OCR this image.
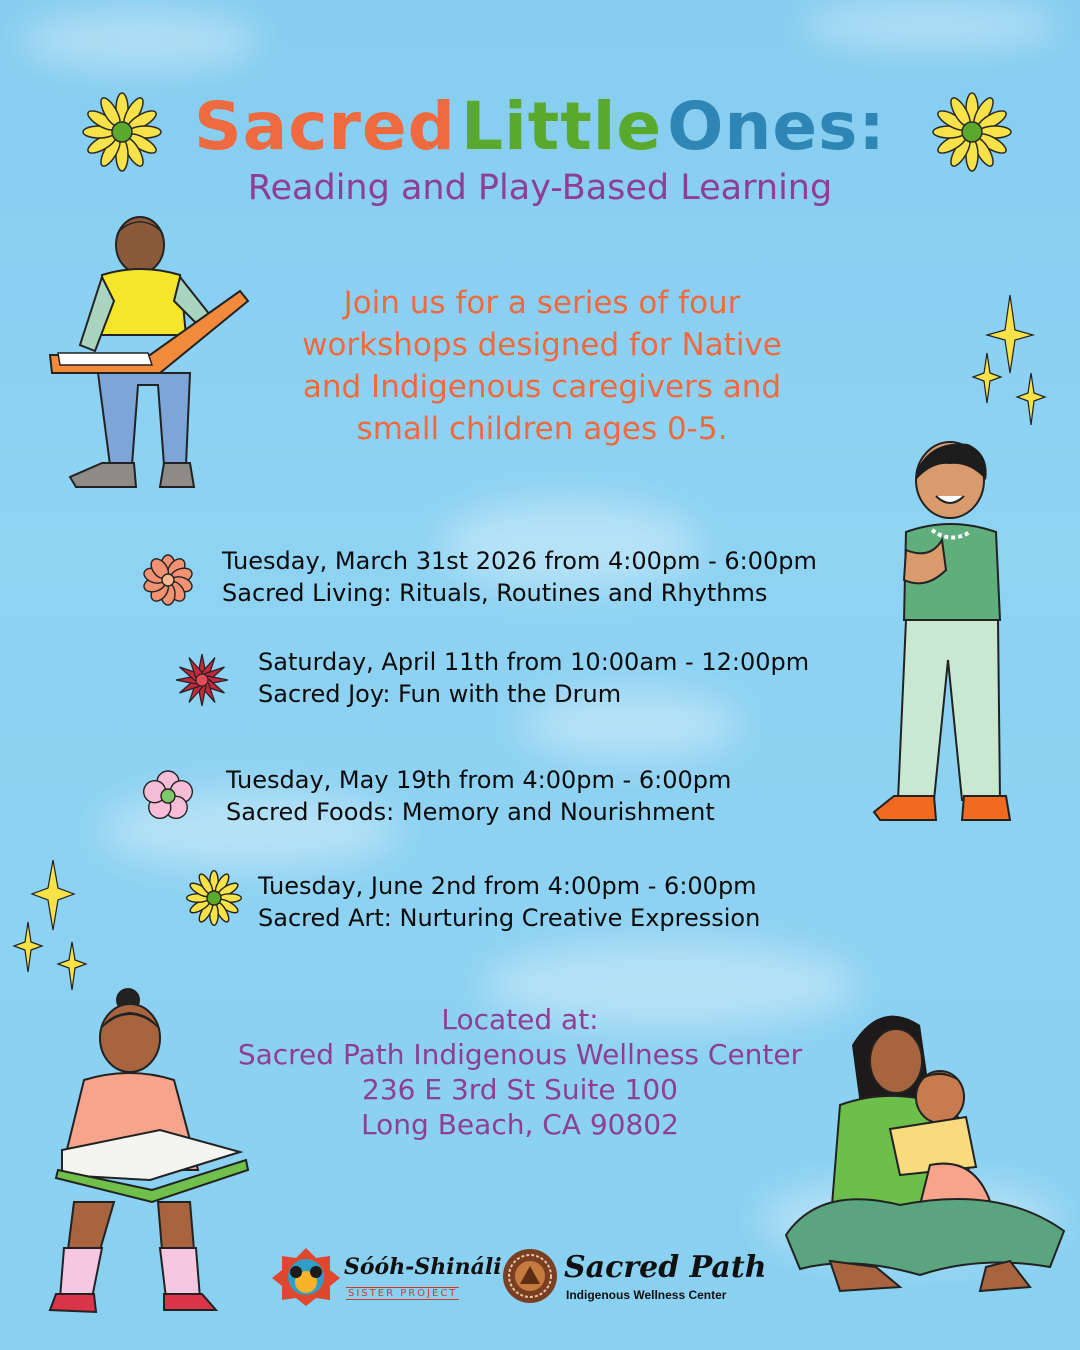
Sacred Little Ones:
Reading and Play-Based Learning
Join us for a series of four
workshops designed for Native
and Indigenous caregivers and
small children ages 0-5.
Tuesday, March 31st 2026 from 4:00pm - 6:00pm
Sacred Living: Rituals, Routines and Rhythms
Saturday, April 11th from 10:00am - 12:00pm
Sacred Joy: Fun with the Drum
Tuesday, May 19th from 4:00pm - 6:00pm
Sacred Foods: Memory and Nourishment
Tuesday, June 2nd from 4:00pm - 6:00pm
Sacred Art: Nurturing Creative Expression
Located at:
Sacred Path Indigenous Wellness Center
236 E 3rd St Suite 100
Long Beach, CA 90802
Sóóh-Shináli
SISTER PROJECT
Sacred Path
Indigenous Wellness Center
